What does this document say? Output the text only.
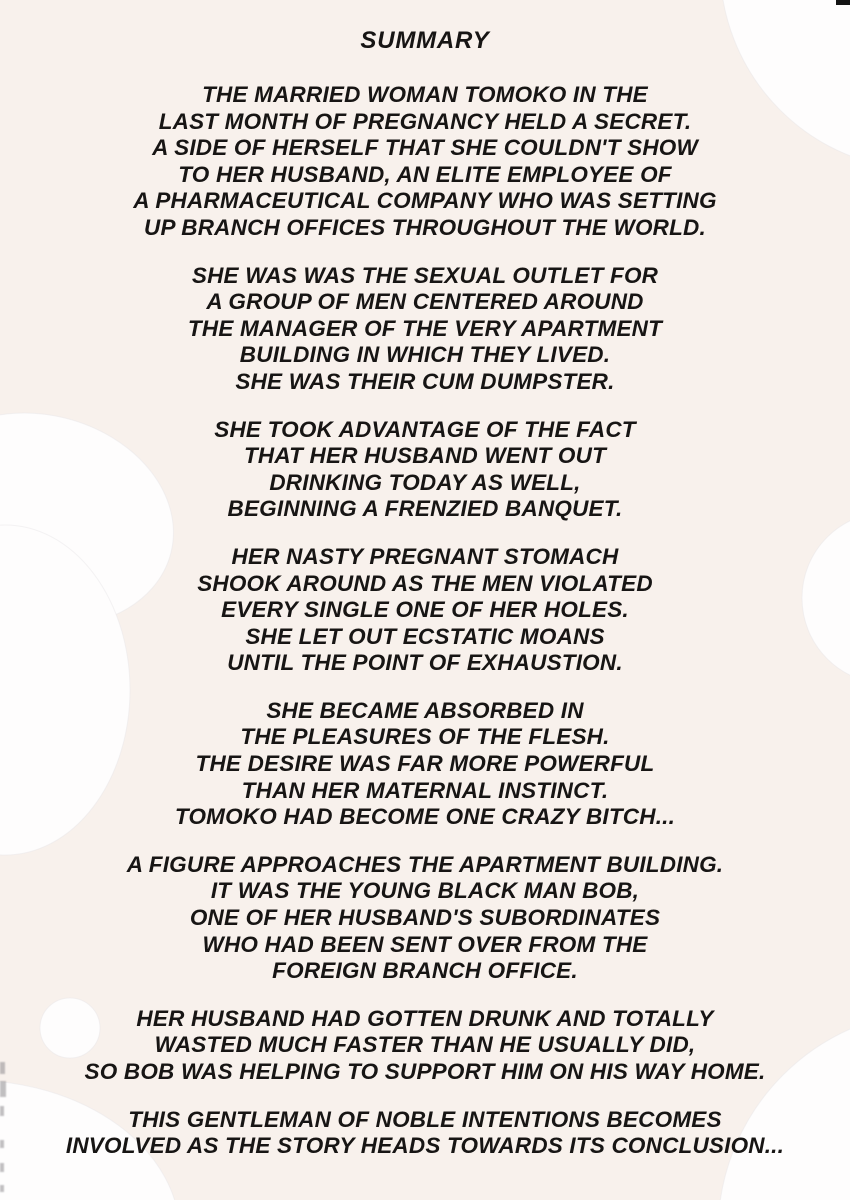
SUMMARY

THE MARRIED WOMAN TOMOKO IN THE
LAST MONTH OF PREGNANCY HELD A SECRET.
A SIDE OF HERSELF THAT SHE COULDN'T SHOW
TO HER HUSBAND, AN ELITE EMPLOYEE OF
A PHARMACEUTICAL COMPANY WHO WAS SETTING
UP BRANCH OFFICES THROUGHOUT THE WORLD.

SHE WAS WAS THE SEXUAL OUTLET FOR
A GROUP OF MEN CENTERED AROUND
THE MANAGER OF THE VERY APARTMENT
BUILDING IN WHICH THEY LIVED.
SHE WAS THEIR CUM DUMPSTER.

SHE TOOK ADVANTAGE OF THE FACT
THAT HER HUSBAND WENT OUT
DRINKING TODAY AS WELL,
BEGINNING A FRENZIED BANQUET.

HER NASTY PREGNANT STOMACH
SHOOK AROUND AS THE MEN VIOLATED
EVERY SINGLE ONE OF HER HOLES.
SHE LET OUT ECSTATIC MOANS
UNTIL THE POINT OF EXHAUSTION.

SHE BECAME ABSORBED IN
THE PLEASURES OF THE FLESH.
THE DESIRE WAS FAR MORE POWERFUL
THAN HER MATERNAL INSTINCT.
TOMOKO HAD BECOME ONE CRAZY BITCH...

A FIGURE APPROACHES THE APARTMENT BUILDING.
IT WAS THE YOUNG BLACK MAN BOB,
ONE OF HER HUSBAND'S SUBORDINATES
WHO HAD BEEN SENT OVER FROM THE
FOREIGN BRANCH OFFICE.

HER HUSBAND HAD GOTTEN DRUNK AND TOTALLY
WASTED MUCH FASTER THAN HE USUALLY DID,
SO BOB WAS HELPING TO SUPPORT HIM ON HIS WAY HOME.

THIS GENTLEMAN OF NOBLE INTENTIONS BECOMES
INVOLVED AS THE STORY HEADS TOWARDS ITS CONCLUSION...
